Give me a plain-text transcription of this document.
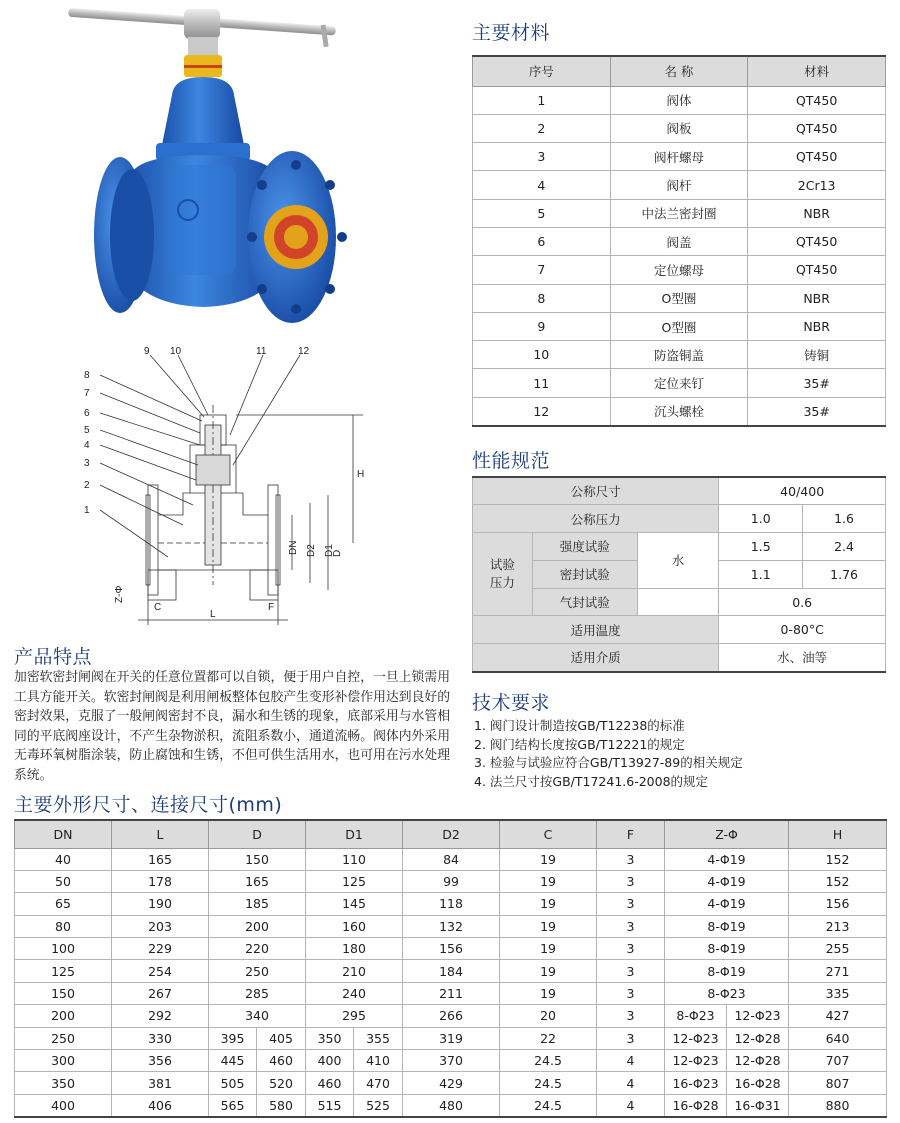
1
2
3
4
5
6
7
8
9 10	11	12
H
DN D2 D1
D
L
Z-Φ
C	F
主要材料
序号	名 称	材料
1	阀体	QT450
2	阀板	QT450
3	阀杆螺母	QT450
4	阀杆	2Cr13
5	中法兰密封圈	NBR
6	阀盖	QT450
7	定位螺母	QT450
8	O型圈	NBR
9	O型圈	NBR
10	防盗铜盖	铸铜
11	定位来钉	35#
12	沉头螺栓	35#
性能规范
公称尺寸			40/400	
公称压力			1.0	1.6
试验压力	强度试验	水	1.5	2.4
	密封试验		1.1	1.76
	气封试验		0.6	
适用温度			0-80°C	
适用介质			水、油等	
技术要求
1. 阀门设计制造按GB/T12238的标准
2. 阀门结构长度按GB/T12221的规定
3. 检验与试验应符合GB/T13927-89的相关规定
4. 法兰尺寸按GB/T17241.6-2008的规定
产品特点

加密软密封闸阀在开关的任意位置都可以自锁，便于用户自控，一旦上锁需用工具方能开关。软密封闸阀是利用闸板整体包胶产生变形补偿作用达到良好的密封效果，克服了一般闸阀密封不良，漏水和生锈的现象，底部采用与水管相同的平底阀座设计，不产生杂物淤积，流阻系数小，通道流畅。阀体内外采用无毒环氧树脂涂装，防止腐蚀和生锈，不但可供生活用水，也可用在污水处理系统。

主要外形尺寸、连接尺寸(mm)
DN	L	D		D1		D2	C	F	Z-Φ		H
40	165	150		110		84	19	3	4-Φ19		152
50	178	165		125		99	19	3	4-Φ19		152
65	190	185		145		118	19	3	4-Φ19		156
80	203	200		160		132	19	3	8-Φ19		213
100	229	220		180		156	19	3	8-Φ19		255
125	254	250		210		184	19	3	8-Φ19		271
150	267	285		240		211	19	3	8-Φ23		335
200	292	340		295		266	20	3	8-Φ23	12-Φ23	427
250	330	395	405	350	355	319	22	3	12-Φ23	12-Φ28	640
300	356	445	460	400	410	370	24.5	4	12-Φ23	12-Φ28	707
350	381	505	520	460	470	429	24.5	4	16-Φ23	16-Φ28	807
400	406	565	580	515	525	480	24.5	4	16-Φ28	16-Φ31	880
